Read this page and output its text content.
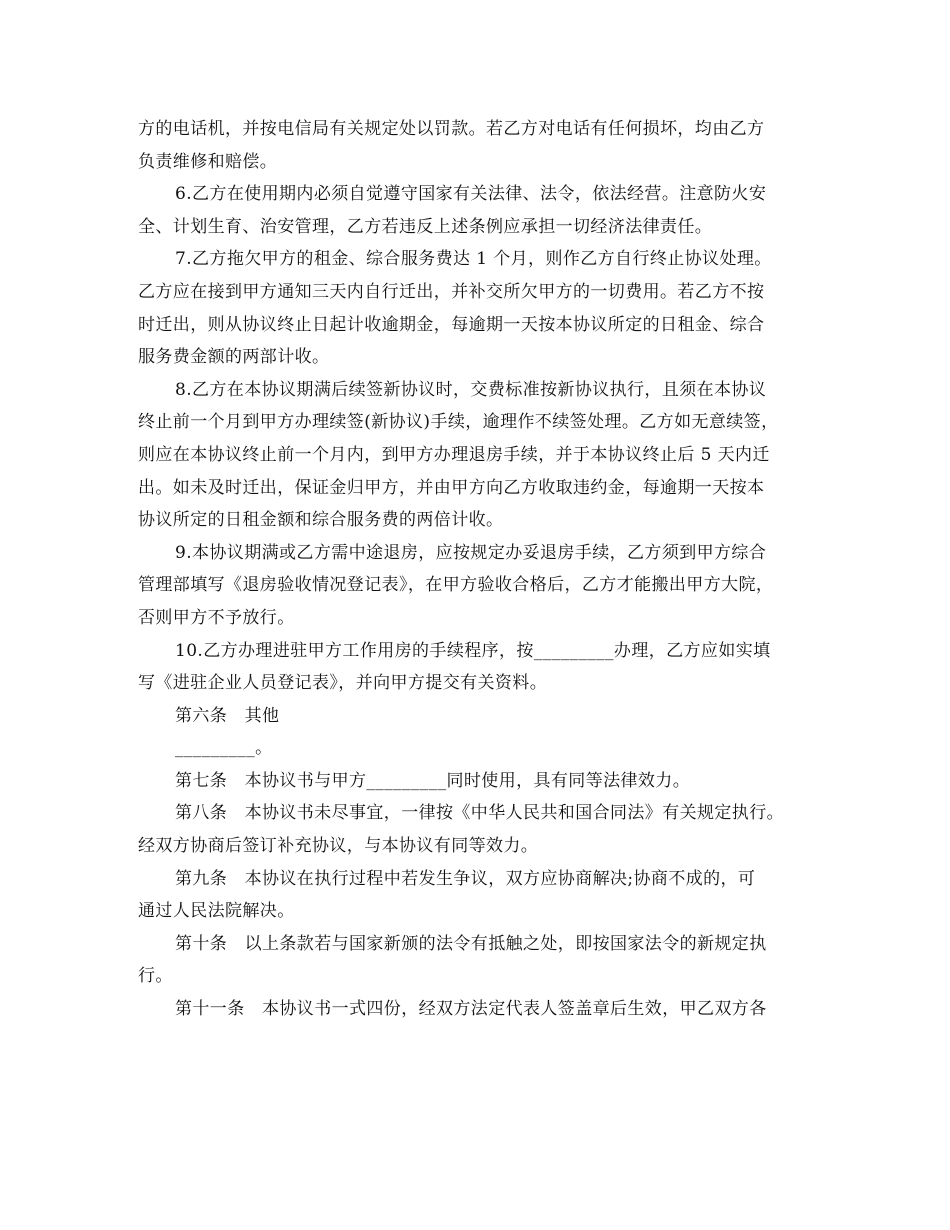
方的电话机，并按电信局有关规定处以罚款。若乙方对电话有任何损坏，均由乙方
负责维修和赔偿。
6.乙方在使用期内必须自觉遵守国家有关法律、法令，依法经营。注意防火安
全、计划生育、治安管理，乙方若违反上述条例应承担一切经济法律责任。
7.乙方拖欠甲方的租金、综合服务费达 1 个月，则作乙方自行终止协议处理。
乙方应在接到甲方通知三天内自行迁出，并补交所欠甲方的一切费用。若乙方不按
时迁出，则从协议终止日起计收逾期金，每逾期一天按本协议所定的日租金、综合
服务费金额的两部计收。
8.乙方在本协议期满后续签新协议时，交费标准按新协议执行，且须在本协议
终止前一个月到甲方办理续签(新协议)手续，逾理作不续签处理。乙方如无意续签，
则应在本协议终止前一个月内，到甲方办理退房手续，并于本协议终止后 5 天内迁
出。如未及时迁出，保证金归甲方，并由甲方向乙方收取违约金，每逾期一天按本
协议所定的日租金额和综合服务费的两倍计收。
9.本协议期满或乙方需中途退房，应按规定办妥退房手续，乙方须到甲方综合
管理部填写《退房验收情况登记表》，在甲方验收合格后，乙方才能搬出甲方大院，
否则甲方不予放行。
10.乙方办理进驻甲方工作用房的手续程序，按_________办理，乙方应如实填
写《进驻企业人员登记表》，并向甲方提交有关资料。
第六条　其他
_________。
第七条　本协议书与甲方_________同时使用，具有同等法律效力。
第八条　本协议书未尽事宜，一律按《中华人民共和国合同法》有关规定执行。
经双方协商后签订补充协议，与本协议有同等效力。
第九条　本协议在执行过程中若发生争议，双方应协商解决;协商不成的，可
通过人民法院解决。
第十条　以上条款若与国家新颁的法令有抵触之处，即按国家法令的新规定执
行。
第十一条　本协议书一式四份，经双方法定代表人签盖章后生效，甲乙双方各
